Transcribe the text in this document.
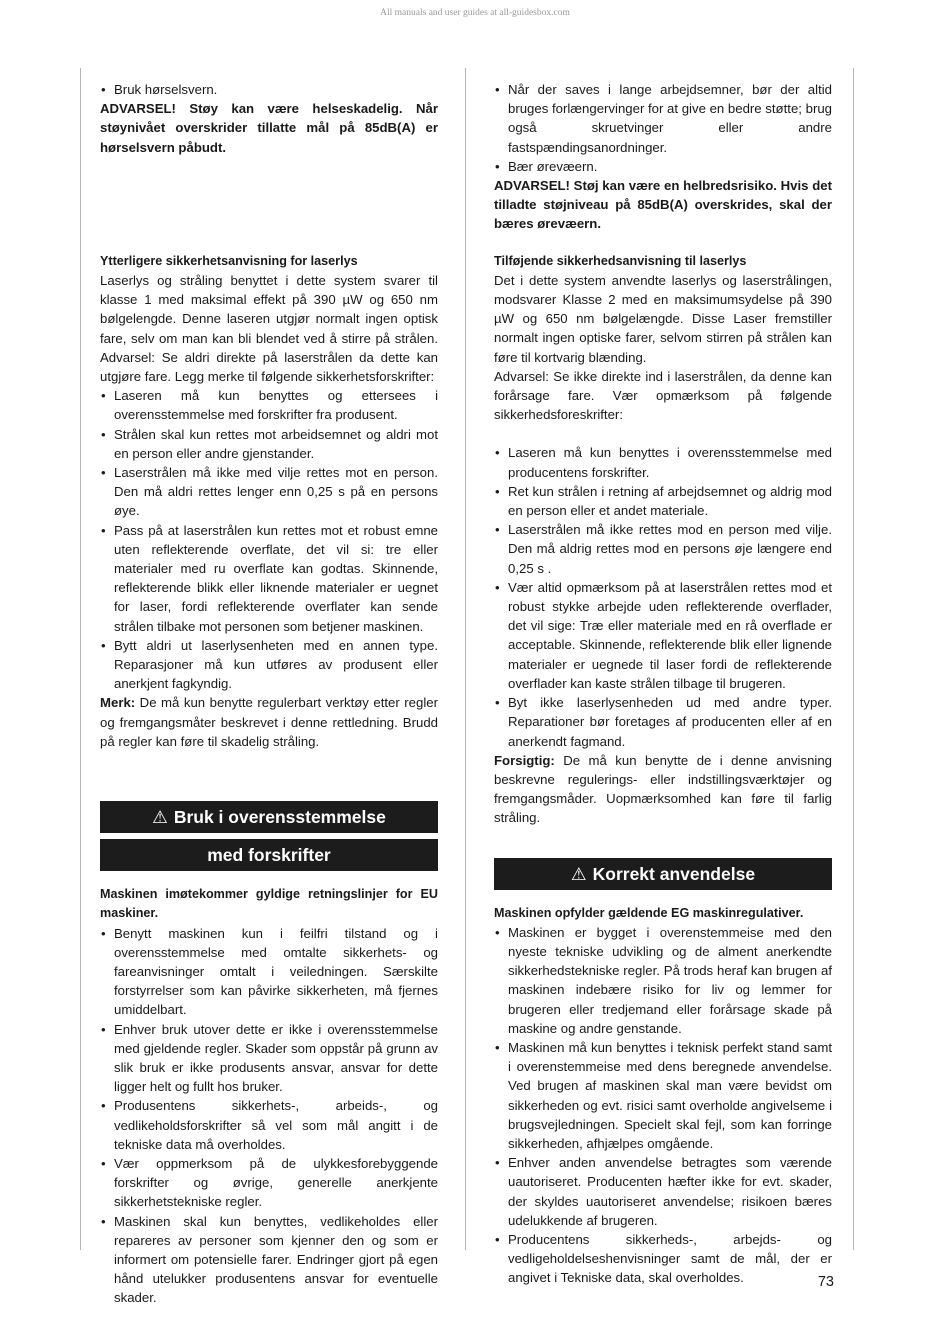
All manuals and user guides at all-guidesbox.com
• Bruk hørselsvern.

ADVARSEL! Støy kan være helseskadelig. Når støynivået overskrider tillatte mål på 85dB(A) er hørselsvern påbudt.

Ytterligere sikkerhetsanvisning for laserlys

Laserlys og stråling benyttet i dette system svarer til klasse 1 med maksimal effekt på 390 µW og 650 nm bølgelengde. Denne laseren utgjør normalt ingen optisk fare, selv om man kan bli blendet ved å stirre på strålen. Advarsel: Se aldri direkte på laserstrålen da dette kan utgjøre fare. Legg merke til følgende sikkerhetsforskrifter:

• Laseren må kun benyttes og ettersees i overensstemmelse med forskrifter fra produsent.
• Strålen skal kun rettes mot arbeidsemnet og aldri mot en person eller andre gjenstander.
• Laserstrålen må ikke med vilje rettes mot en person. Den må aldri rettes lenger enn 0,25 s på en persons øye.
• Pass på at laserstrålen kun rettes mot et robust emne uten reflekterende overflate, det vil si: tre eller materialer med ru overflate kan godtas. Skinnende, reflekterende blikk eller liknende materialer er uegnet for laser, fordi reflekterende overflater kan sende strålen tilbake mot personen som betjener maskinen.
• Bytt aldri ut laserlysenheten med en annen type. Reparasjoner må kun utføres av produsent eller anerkjent fagkyndig.

Merk: De må kun benytte regulerbart verktøy etter regler og fremgangsmåter beskrevet i denne rettledning. Brudd på regler kan føre til skadelig stråling.

⚠ Bruk i overensstemmelse
med forskrifter

Maskinen imøtekommer gyldige retningslinjer for EU maskiner.

• Benytt maskinen kun i feilfri tilstand og i overensstemmelse med omtalte sikkerhets- og fareanvisninger omtalt i veiledningen. Særskilte forstyrrelser som kan påvirke sikkerheten, må fjernes umiddelbart.
• Enhver bruk utover dette er ikke i overensstemmelse med gjeldende regler. Skader som oppstår på grunn av slik bruk er ikke produsents ansvar, ansvar for dette ligger helt og fullt hos bruker.
• Produsentens sikkerhets-, arbeids-, og vedlikeholdsforskrifter så vel som mål angitt i de tekniske data må overholdes.
• Vær oppmerksom på de ulykkesforebyggende forskrifter og øvrige, generelle anerkjente sikkerhetstekniske regler.
• Maskinen skal kun benyttes, vedlikeholdes eller repareres av personer som kjenner den og som er informert om potensielle farer. Endringer gjort på egen hånd utelukker produsentens ansvar for eventuelle skader.
• Når der saves i lange arbejdsemner, bør der altid bruges forlængervinger for at give en bedre støtte; brug også skruetvinger eller andre fastspændingsanordninger.
• Bær ørevæern.

ADVARSEL! Støj kan være en helbredsrisiko. Hvis det tilladte støjniveau på 85dB(A) overskrides, skal der bæres ørevæern.

Tilføjende sikkerhedsanvisning til laserlys

Det i dette system anvendte laserlys og laserstrålingen, modsvarer Klasse 2 med en maksimumsydelse på 390 µW og 650 nm bølgelængde. Disse Laser fremstiller normalt ingen optiske farer, selvom stirren på strålen kan føre til kortvarig blænding.

Advarsel: Se ikke direkte ind i laserstrålen, da denne kan forårsage fare. Vær opmærksom på følgende sikkerhedsforeskrifter:

• Laseren må kun benyttes i overensstemmelse med producentens forskrifter.
• Ret kun strålen i retning af arbejdsemnet og aldrig mod en person eller et andet materiale.
• Laserstrålen må ikke rettes mod en person med vilje. Den må aldrig rettes mod en persons øje længere end 0,25 s .
• Vær altid opmærksom på at laserstrålen rettes mod et robust stykke arbejde uden reflekterende overflader, det vil sige: Træ eller materiale med en rå overflade er acceptable. Skinnende, reflekterende blik eller lignende materialer er uegnede til laser fordi de reflekterende overflader kan kaste strålen tilbage til brugeren.
• Byt ikke laserlysenheden ud med andre typer. Reparationer bør foretages af producenten eller af en anerkendt fagmand.

Forsigtig: De må kun benytte de i denne anvisning beskrevne regulerings- eller indstillingsværktøjer og fremgangsmåder. Uopmærksomhed kan føre til farlig stråling.

⚠ Korrekt anvendelse

Maskinen opfylder gældende EG maskinregulativer.

• Maskinen er bygget i overenstemmeise med den nyeste tekniske udvikling og de alment anerkendte sikkerhedstekniske regler. På trods heraf kan brugen af maskinen indebære risiko for liv og lemmer for brugeren eller tredjemand eller forårsage skade på maskine og andre genstande.
• Maskinen må kun benyttes i teknisk perfekt stand samt i overenstemmeise med dens beregnede anvendelse. Ved brugen af maskinen skal man være bevidst om sikkerheden og evt. risici samt overholde angivelseme i brugsvejledningen. Specielt skal fejl, som kan forringe sikkerheden, afhjælpes omgående.
• Enhver anden anvendelse betragtes som værende uautoriseret. Producenten hæfter ikke for evt. skader, der skyldes uautoriseret anvendelse; risikoen bæres udelukkende af brugeren.
• Producentens sikkerheds-, arbejds- og vedligeholdelseshenvisninger samt de mål, der er angivet i Tekniske data, skal overholdes.	73
